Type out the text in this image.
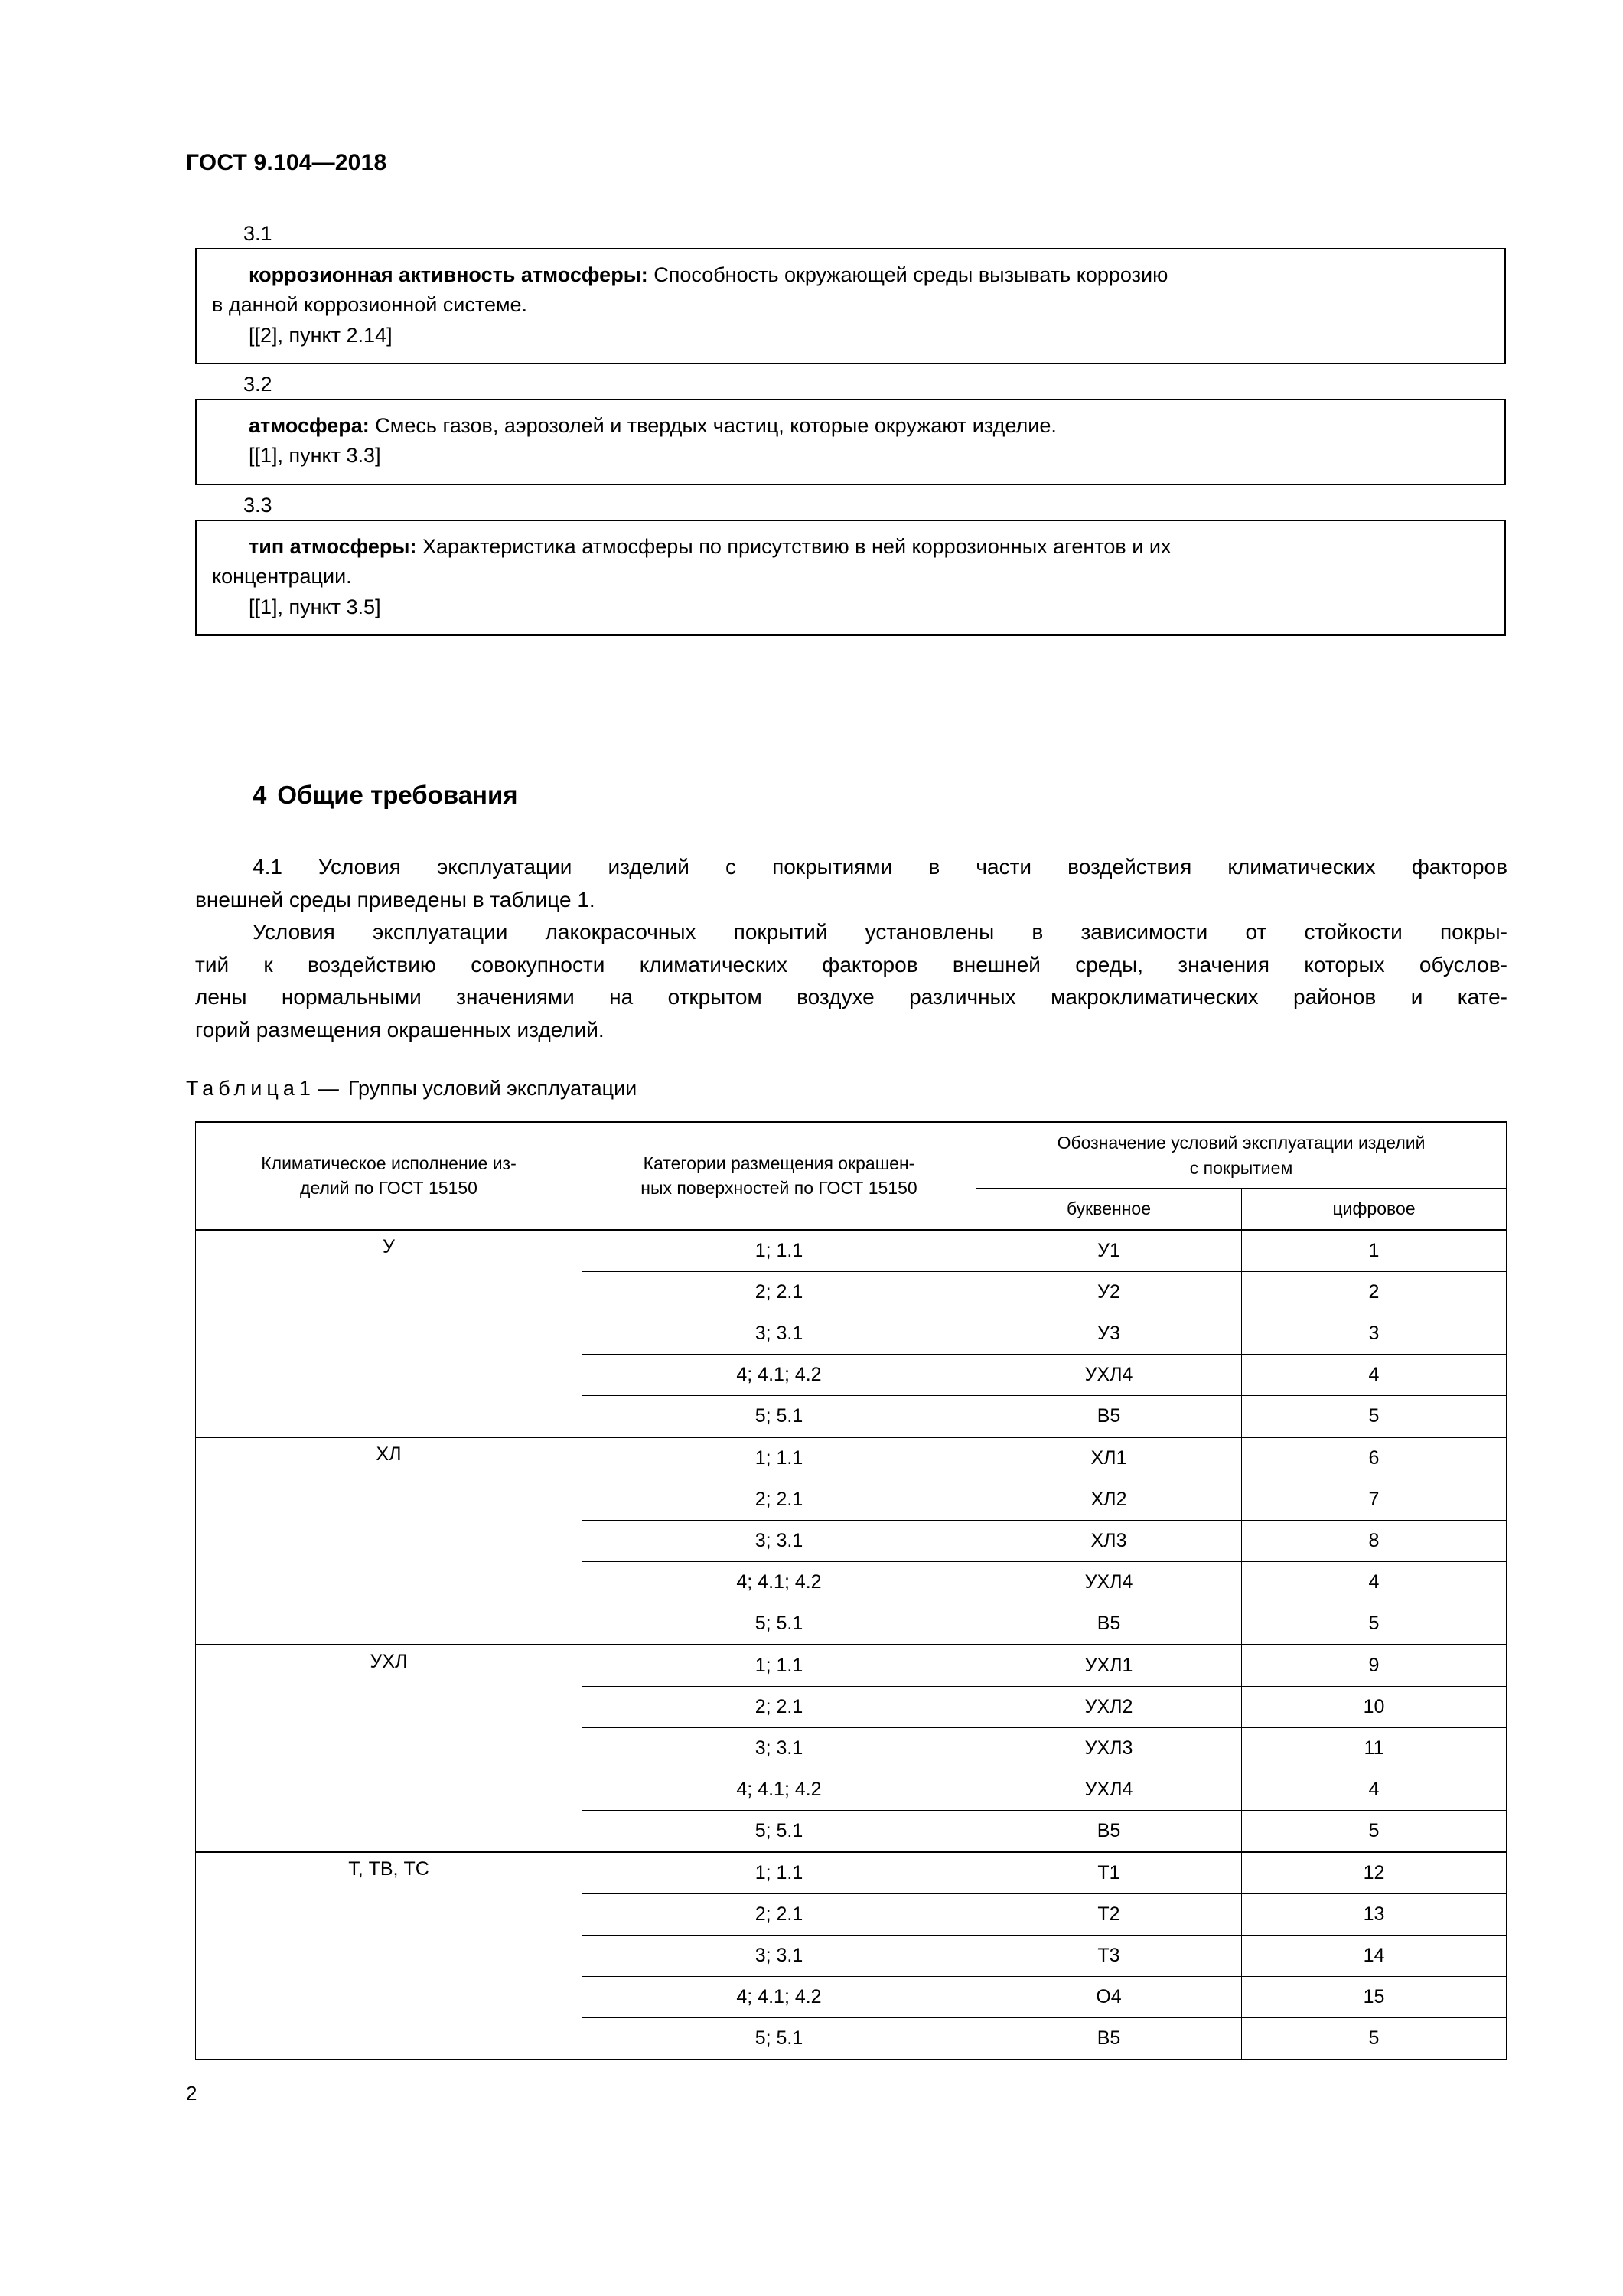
ГОСТ 9.104—2018
3.1

коррозионная активность атмосферы: Способность окружающей среды вызывать коррозию

в данной коррозионной системе.

[[2], пункт 2.14]

3.2

атмосфера: Смесь газов, аэрозолей и твердых частиц, которые окружают изделие.

[[1], пункт 3.3]

3.3

тип атмосферы: Характеристика атмосферы по присутствию в ней коррозионных агентов и их

концентрации.

[[1], пункт 3.5]

4 Общие требования

4.1 Условия эксплуатации изделий с покрытиями в части воздействия климатических факторов
внешней среды приведены в таблице 1.

Условия эксплуатации лакокрасочных покрытий установлены в зависимости от стойкости покры-
тий к воздействию совокупности климатических факторов внешней среды, значения которых обуслов-
лены нормальными значениями на открытом воздухе различных макроклиматических районов и кате-
горий размещения окрашенных изделий.

Таблица1 — Группы условий эксплуатации
Климатическое исполнение из-
делий по ГОСТ 15150	Категории размещения окрашен-
ных поверхностей по ГОСТ 15150	Обозначение условий эксплуатации изделий
с покрытием	
		буквенное	цифровое
У	1; 1.1	У1	1
	2; 2.1	У2	2
	3; 3.1	У3	3
	4; 4.1; 4.2	УХЛ4	4
	5; 5.1	В5	5
ХЛ	1; 1.1	ХЛ1	6
	2; 2.1	ХЛ2	7
	3; 3.1	ХЛ3	8
	4; 4.1; 4.2	УХЛ4	4
	5; 5.1	В5	5
УХЛ	1; 1.1	УХЛ1	9
	2; 2.1	УХЛ2	10
	3; 3.1	УХЛ3	11
	4; 4.1; 4.2	УХЛ4	4
	5; 5.1	В5	5
Т, ТВ, ТС	1; 1.1	Т1	12
	2; 2.1	Т2	13
	3; 3.1	Т3	14
	4; 4.1; 4.2	О4	15
	5; 5.1	В5	5
2
